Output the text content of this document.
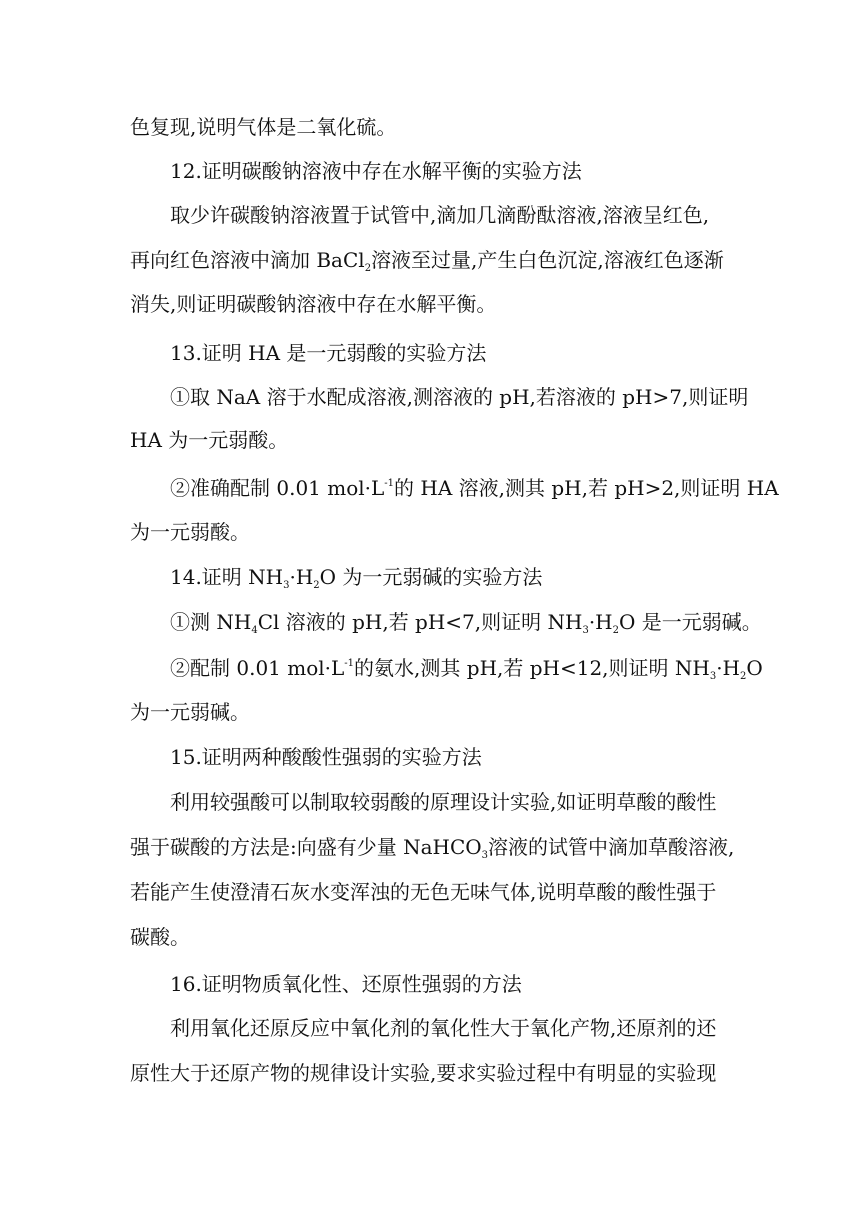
色复现,说明气体是二氧化硫。
12.证明碳酸钠溶液中存在水解平衡的实验方法
取少许碳酸钠溶液置于试管中,滴加几滴酚酞溶液,溶液呈红色,
再向红色溶液中滴加 BaCl$_2$溶液至过量,产生白色沉淀,溶液红色逐渐
消失,则证明碳酸钠溶液中存在水解平衡。
13.证明 HA 是一元弱酸的实验方法
①取 NaA 溶于水配成溶液,测溶液的 pH,若溶液的 pH>7,则证明
HA 为一元弱酸。
②准确配制 0.01 $mol\cdot L^{-1}$的 HA 溶液,测其 pH,若 pH>2,则证明 HA
为一元弱酸。
14.证明 $NH_3\cdot H_2O$ 为一元弱碱的实验方法
①测 $NH_4Cl$ 溶液的 pH,若 pH<7,则证明 $NH_3\cdot H_2O$ 是一元弱碱。
②配制 0.01 $mol\cdot L^{-1}$的氨水,测其 pH,若 pH<12,则证明 $NH_3\cdot H_2O$
为一元弱碱。
15.证明两种酸酸性强弱的实验方法
利用较强酸可以制取较弱酸的原理设计实验,如证明草酸的酸性
强于碳酸的方法是:向盛有少量 NaHCO$_3$溶液的试管中滴加草酸溶液,
若能产生使澄清石灰水变浑浊的无色无味气体,说明草酸的酸性强于
碳酸。
16.证明物质氧化性、还原性强弱的方法
利用氧化还原反应中氧化剂的氧化性大于氧化产物,还原剂的还
原性大于还原产物的规律设计实验,要求实验过程中有明显的实验现
